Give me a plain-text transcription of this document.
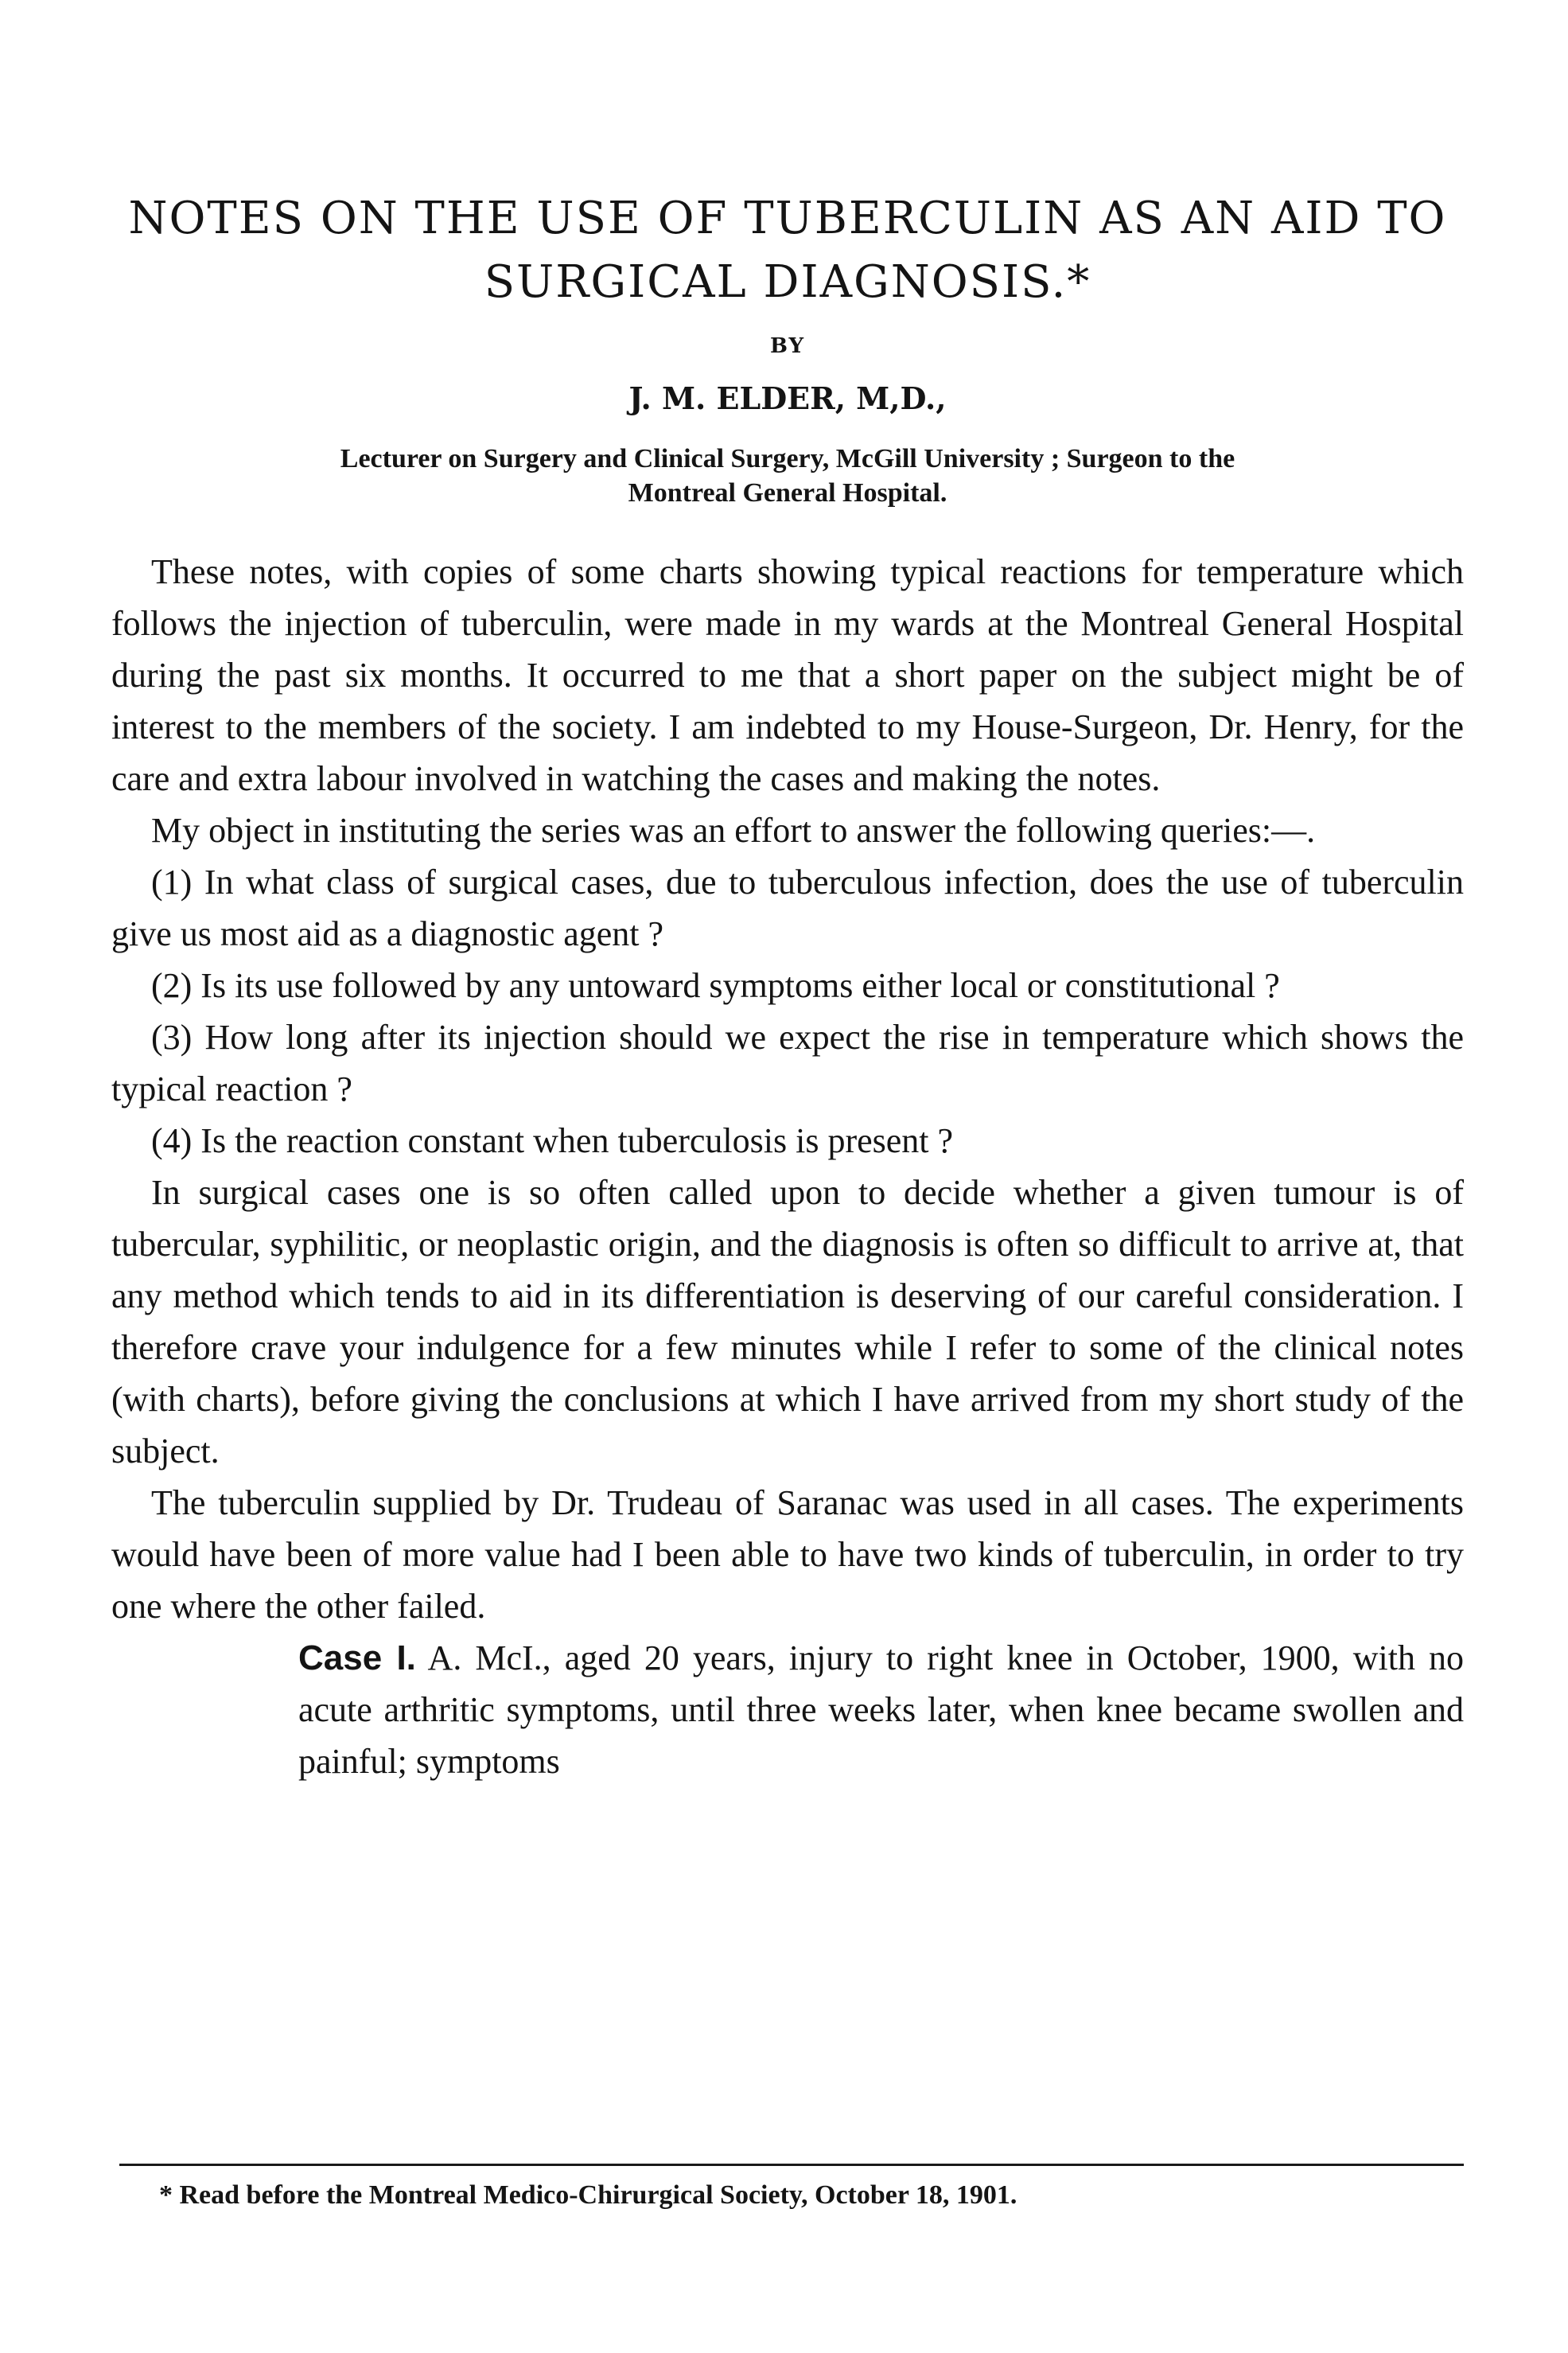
NOTES ON THE USE OF TUBERCULIN AS AN AID TO
SURGICAL DIAGNOSIS.*
BY
J. M. ELDER, M,D.,
Lecturer on Surgery and Clinical Surgery, McGill University ; Surgeon to the
Montreal General Hospital.

These notes, with copies of some charts showing typical reactions for temperature which follows the injection of tuberculin, were made in my wards at the Montreal General Hospital during the past six months. It occurred to me that a short paper on the subject might be of interest to the members of the society. I am indebted to my House-Surgeon, Dr. Henry, for the care and extra labour involved in watching the cases and making the notes.

My object in instituting the series was an effort to answer the following queries:—.

(1) In what class of surgical cases, due to tuberculous infection, does the use of tuberculin give us most aid as a diagnostic agent ?

(2) Is its use followed by any untoward symptoms either local or constitutional ?

(3) How long after its injection should we expect the rise in temperature which shows the typical reaction ?

(4) Is the reaction constant when tuberculosis is present ?

In surgical cases one is so often called upon to decide whether a given tumour is of tubercular, syphilitic, or neoplastic origin, and the diagnosis is often so difficult to arrive at, that any method which tends to aid in its differentiation is deserving of our careful consideration. I therefore crave your indulgence for a few minutes while I refer to some of the clinical notes (with charts), before giving the conclusions at which I have arrived from my short study of the subject.

The tuberculin supplied by Dr. Trudeau of Saranac was used in all cases. The experiments would have been of more value had I been able to have two kinds of tuberculin, in order to try one where the other failed.

Case I. A. McI., aged 20 years, injury to right knee in October, 1900, with no acute arthritic symptoms, until three weeks later, when knee became swollen and painful; symptoms

* Read before the Montreal Medico-Chirurgical Society, October 18, 1901.
